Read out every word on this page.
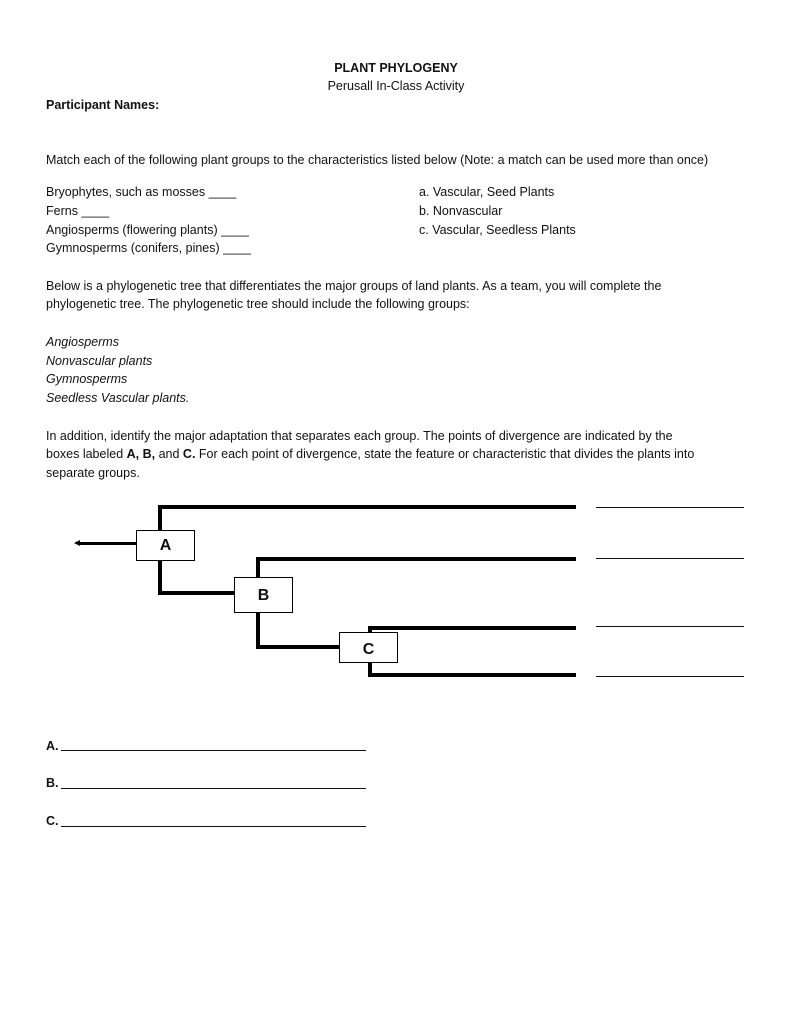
PLANT PHYLOGENY
Perusall In-Class Activity
Participant Names:
Match each of the following plant groups to the characteristics listed below (Note: a match can be used more than once)
Bryophytes, such as mosses ____
Ferns ____
Angiosperms (flowering plants) ____
Gymnosperms (conifers, pines) ____
a. Vascular, Seed Plants
b. Nonvascular
c. Vascular, Seedless Plants
Below is a phylogenetic tree that differentiates the major groups of land plants. As a team, you will complete the
phylogenetic tree. The phylogenetic tree should include the following groups:
Angiosperms
Nonvascular plants
Gymnosperms
Seedless Vascular plants.
In addition, identify the major adaptation that separates each group. The points of divergence are indicated by the
boxes labeled A, B, and C. For each point of divergence, state the feature or characteristic that divides the plants into
separate groups.
A
B
C
A.
B.
C.
